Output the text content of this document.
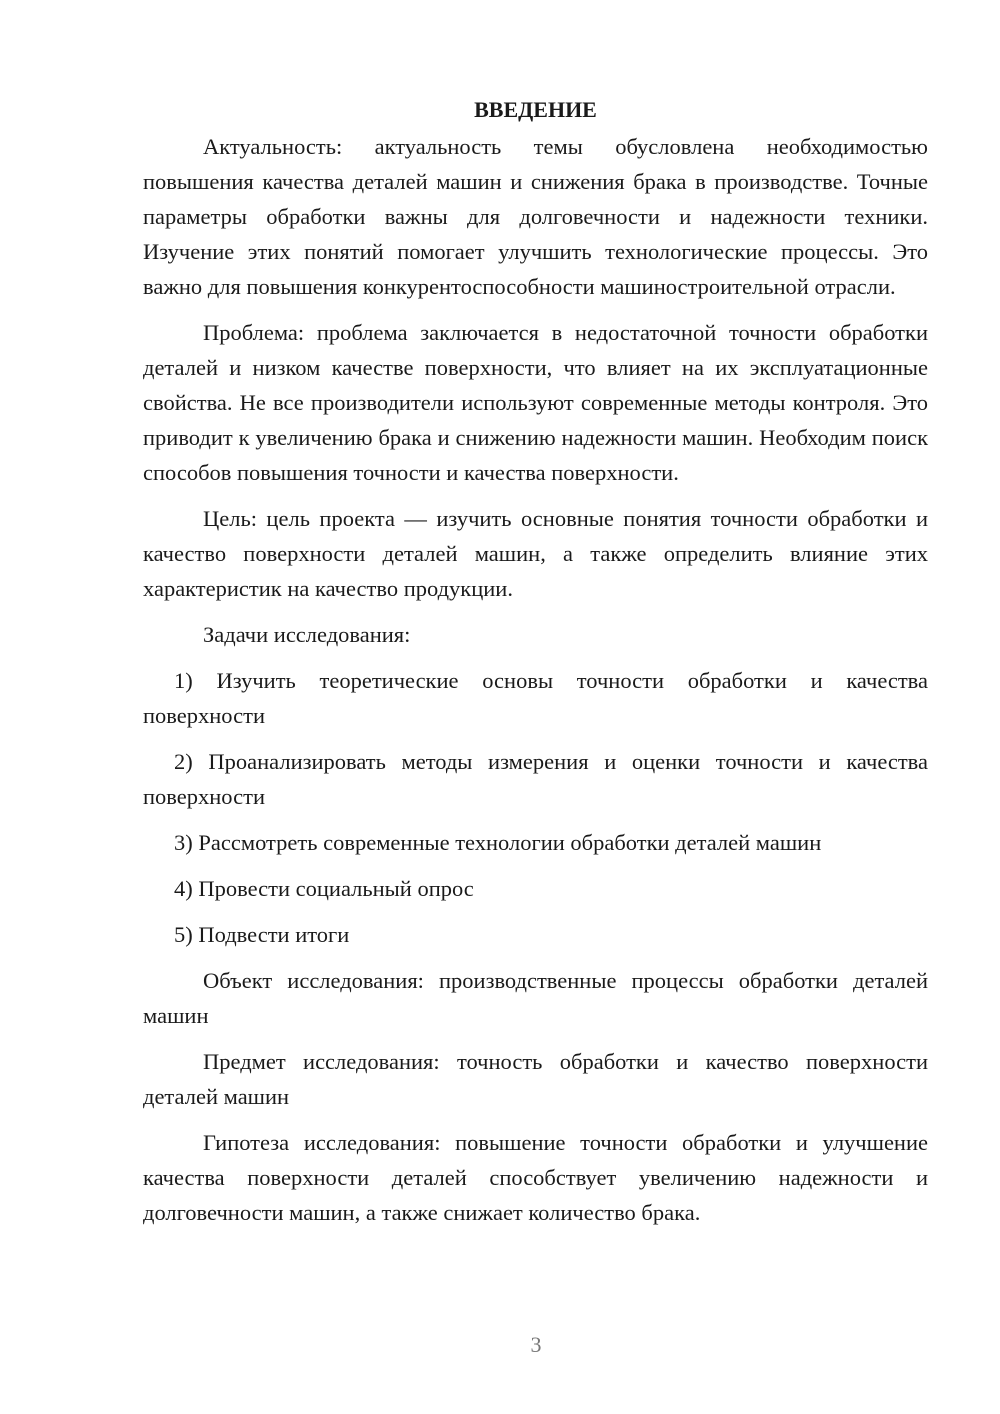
ВВЕДЕНИЕ

Актуальность: актуальность темы обусловлена необходимостью повышения качества деталей машин и снижения брака в производстве. Точные параметры обработки важны для долговечности и надежности техники. Изучение этих понятий помогает улучшить технологические процессы. Это важно для повышения конкурентоспособности машиностроительной отрасли.

Проблема: проблема заключается в недостаточной точности обработки деталей и низком качестве поверхности, что влияет на их эксплуатационные свойства. Не все производители используют современные методы контроля. Это приводит к увеличению брака и снижению надежности машин. Необходим поиск способов повышения точности и качества поверхности.

Цель: цель проекта — изучить основные понятия точности обработки и качество поверхности деталей машин, а также определить влияние этих характеристик на качество продукции.

Задачи исследования:

1) Изучить теоретические основы точности обработки и качества поверхности

2) Проанализировать методы измерения и оценки точности и качества поверхности

3) Рассмотреть современные технологии обработки деталей машин

4) Провести социальный опрос

5) Подвести итоги

Объект исследования: производственные процессы обработки деталей машин

Предмет исследования: точность обработки и качество поверхности деталей машин

Гипотеза исследования: повышение точности обработки и улучшение качества поверхности деталей способствует увеличению надежности и долговечности машин, а также снижает количество брака.

3
